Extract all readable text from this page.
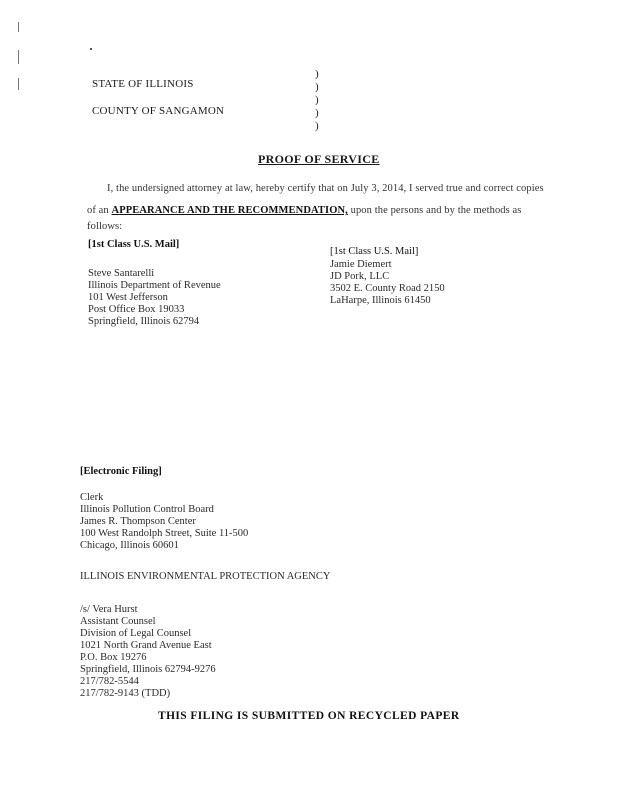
STATE OF ILLINOIS
COUNTY OF SANGAMON
)
)
)
)
)
PROOF OF SERVICE
I, the undersigned attorney at law, hereby certify that on July 3, 2014, I served true and correct copies
of an APPEARANCE AND THE RECOMMENDATION, upon the persons and by the methods as
follows:
[1st Class U.S. Mail]
Steve Santarelli
Illinois Department of Revenue
101 West Jefferson
Post Office Box 19033
Springfield, Illinois 62794
[1st Class U.S. Mail]
Jamie Diemert
JD Pork, LLC
3502 E. County Road 2150
LaHarpe, Illinois 61450
[Electronic Filing]
Clerk
Illinois Pollution Control Board
James R. Thompson Center
100 West Randolph Street, Suite 11-500
Chicago, Illinois 60601
ILLINOIS ENVIRONMENTAL PROTECTION AGENCY
/s/ Vera Hurst
Assistant Counsel
Division of Legal Counsel
1021 North Grand Avenue East
P.O. Box 19276
Springfield, Illinois 62794-9276
217/782-5544
217/782-9143 (TDD)
THIS FILING IS SUBMITTED ON RECYCLED PAPER
